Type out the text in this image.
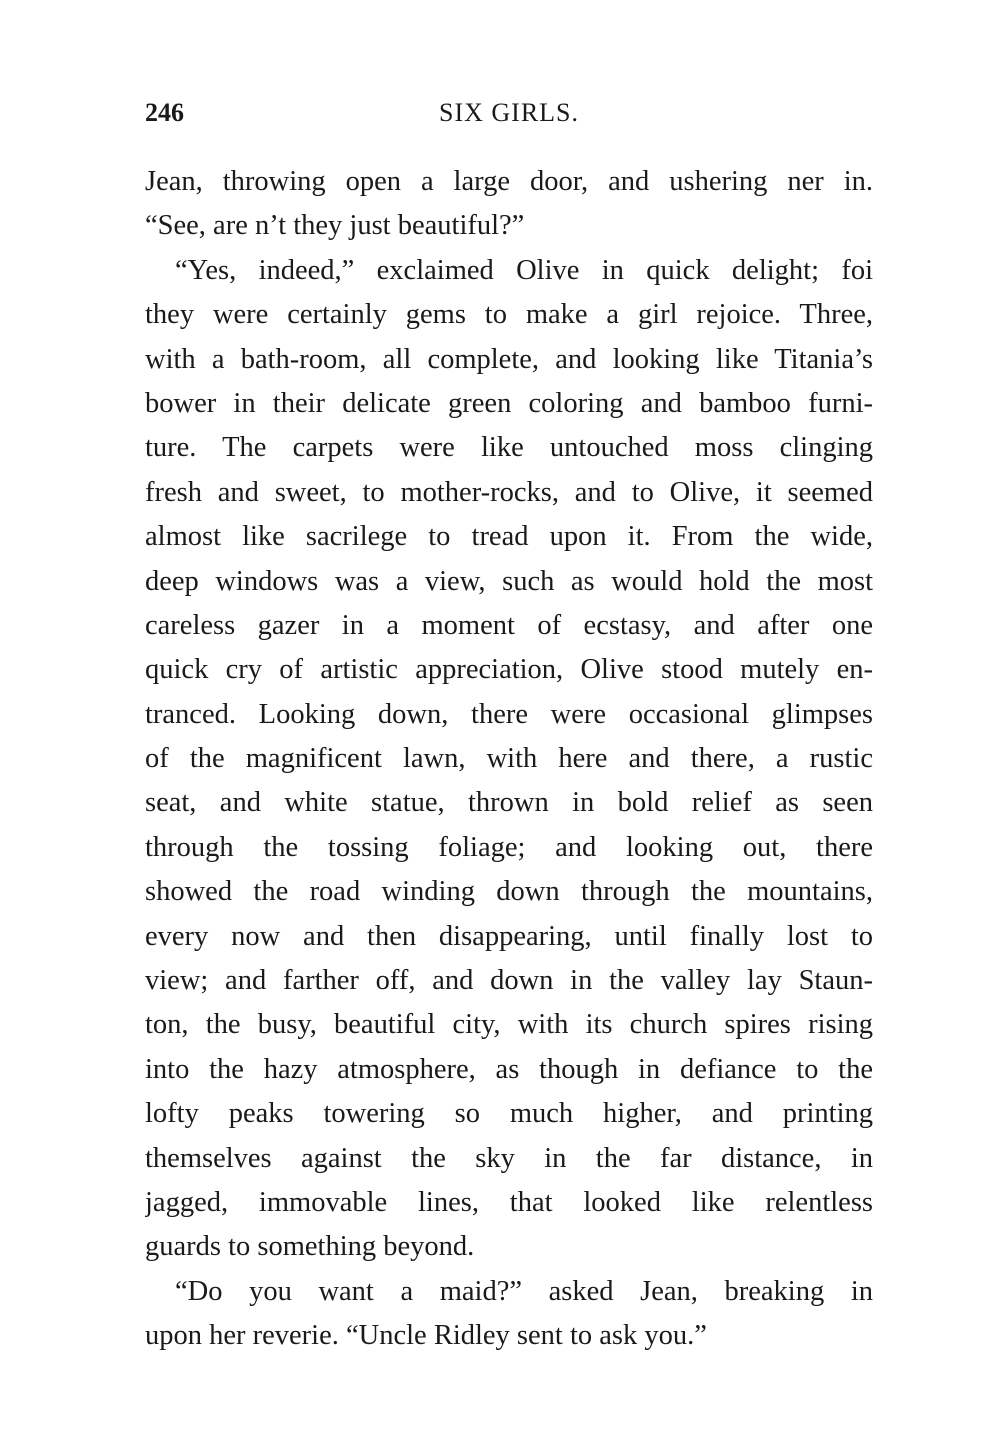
246	SIX GIRLS.
Jean, throwing open a large door, and ushering ner in.
“See, are n’t they just beautiful?”
“Yes, indeed,” exclaimed Olive in quick delight; foi
they were certainly gems to make a girl rejoice. Three,
with a bath-room, all complete, and looking like Titania’s
bower in their delicate green coloring and bamboo furni-
ture. The carpets were like untouched moss clinging
fresh and sweet, to mother-rocks, and to Olive, it seemed
almost like sacrilege to tread upon it. From the wide,
deep windows was a view, such as would hold the most
careless gazer in a moment of ecstasy, and after one
quick cry of artistic appreciation, Olive stood mutely en-
tranced. Looking down, there were occasional glimpses
of the magnificent lawn, with here and there, a rustic
seat, and white statue, thrown in bold relief as seen
through the tossing foliage; and looking out, there
showed the road winding down through the mountains,
every now and then disappearing, until finally lost to
view; and farther off, and down in the valley lay Staun-
ton, the busy, beautiful city, with its church spires rising
into the hazy atmosphere, as though in defiance to the
lofty peaks towering so much higher, and printing
themselves against the sky in the far distance, in
jagged, immovable lines, that looked like relentless
guards to something beyond.
“Do you want a maid?” asked Jean, breaking in
upon her reverie. “Uncle Ridley sent to ask you.”
